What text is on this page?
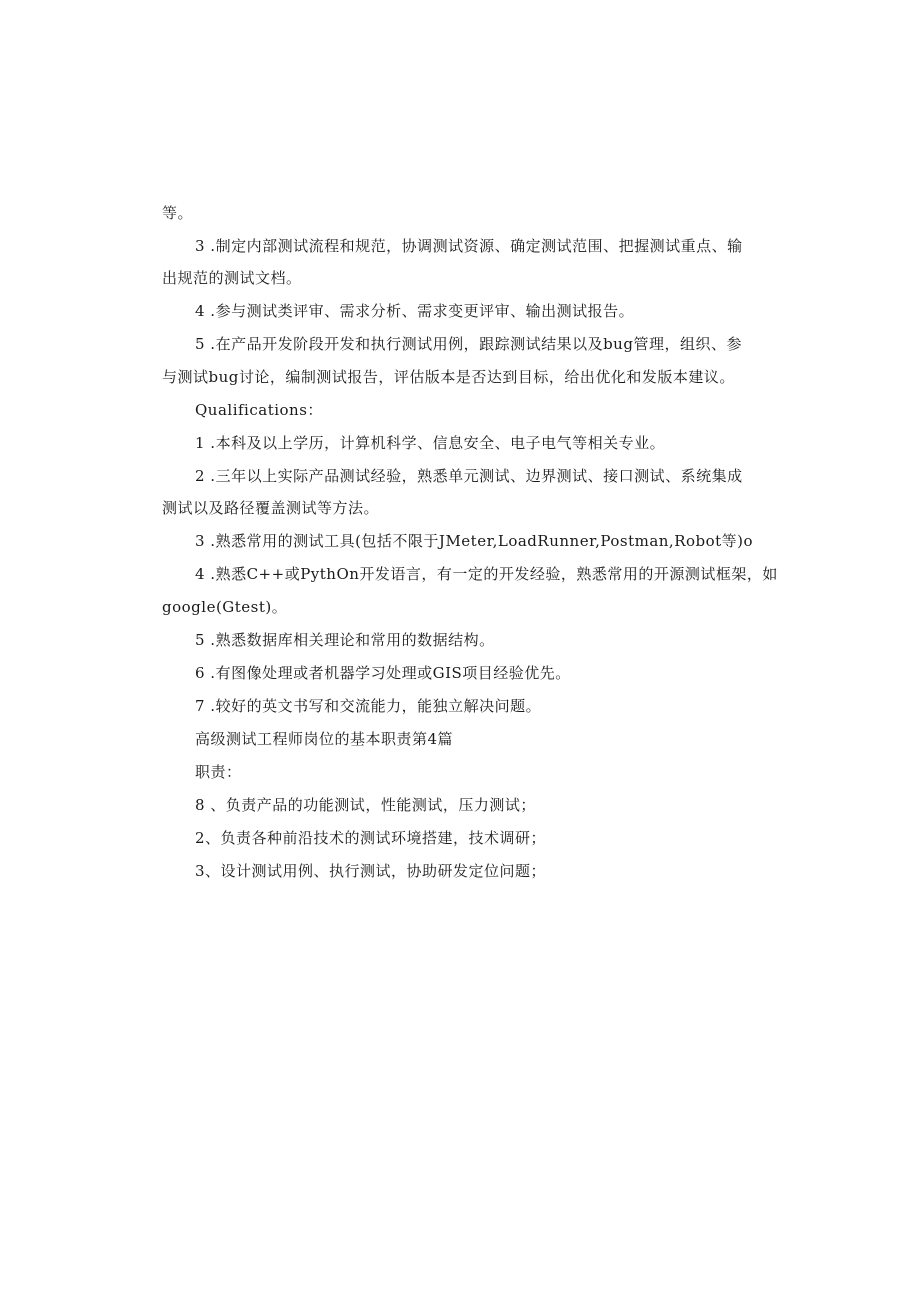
等。
3 .制定内部测试流程和规范，协调测试资源、确定测试范围、把握测试重点、输
出规范的测试文档。
4 .参与测试类评审、需求分析、需求变更评审、输出测试报告。
5 .在产品开发阶段开发和执行测试用例，跟踪测试结果以及bug管理，组织、参
与测试bug讨论，编制测试报告，评估版本是否达到目标，给出优化和发版本建议。
Qualifications：
1 .本科及以上学历，计算机科学、信息安全、电子电气等相关专业。
2 .三年以上实际产品测试经验，熟悉单元测试、边界测试、接口测试、系统集成
测试以及路径覆盖测试等方法。
3 .熟悉常用的测试工具(包括不限于JMeter,LoadRunner,Postman,Robot等)o
4 .熟悉C++或PythOn开发语言，有一定的开发经验，熟悉常用的开源测试框架，如
google(Gtest)。
5 .熟悉数据库相关理论和常用的数据结构。
6 .有图像处理或者机器学习处理或GIS项目经验优先。
7 .较好的英文书写和交流能力，能独立解决问题。
高级测试工程师岗位的基本职责第4篇
职责：
8 、负责产品的功能测试，性能测试，压力测试；
2、负责各种前沿技术的测试环境搭建，技术调研；
3、设计测试用例、执行测试，协助研发定位问题；
